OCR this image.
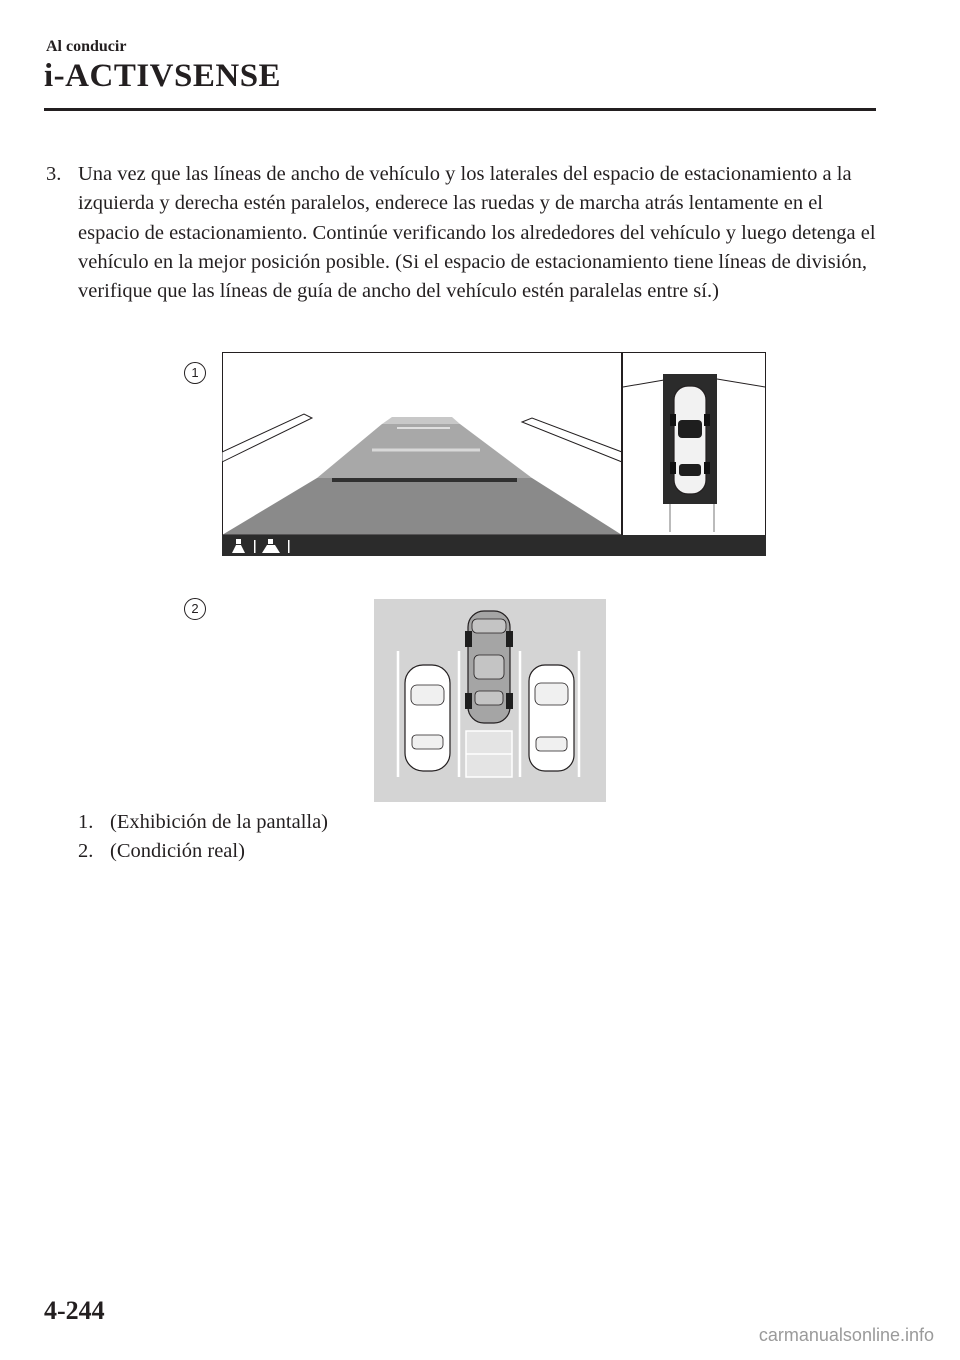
Al conducir
i-ACTIVSENSE
3. Una vez que las líneas de ancho de vehículo y los laterales del espacio de estacionamiento a la izquierda y derecha estén paralelos, enderece las ruedas y de marcha atrás lentamente en el espacio de estacionamiento. Continúe verificando los alrededores del vehículo y luego detenga el vehículo en la mejor posición posible. (Si el espacio de estacionamiento tiene líneas de división, verifique que las líneas de guía de ancho del vehículo estén paralelas entre sí.)
1
2
1. (Exhibición de la pantalla)
2. (Condición real)
4-244
carmanualsonline.info
